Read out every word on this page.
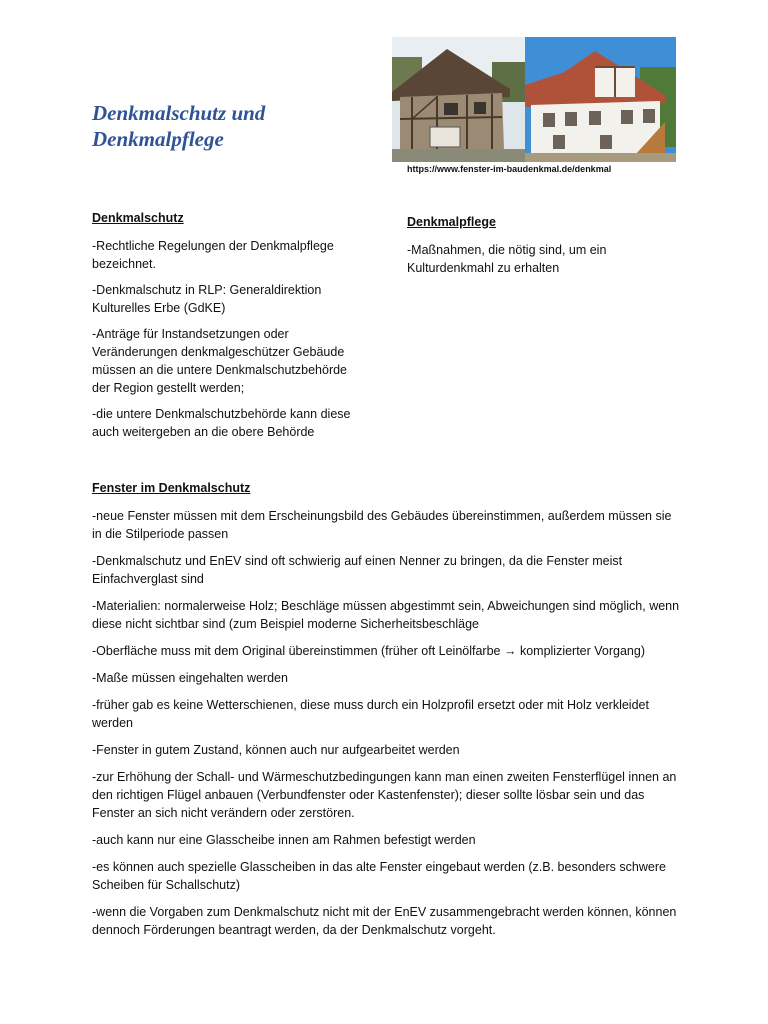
Denkmalschutz und
Denkmalpflege
https://www.fenster-im-baudenkmal.de/denkmal
Denkmalschutz

-Rechtliche Regelungen der Denkmalpflege bezeichnet.

-Denkmalschutz in RLP: Generaldirektion Kulturelles Erbe (GdKE)

-Anträge für Instandsetzungen oder Veränderungen denkmalgeschützer Gebäude müssen an die untere Denkmalschutzbehörde der Region gestellt werden;

-die untere Denkmalschutzbehörde kann diese auch weitergeben an die obere Behörde

Denkmalpflege

-Maßnahmen, die nötig sind, um ein Kulturdenkmahl zu erhalten

Fenster im Denkmalschutz

-neue Fenster müssen mit dem Erscheinungsbild des Gebäudes übereinstimmen, außerdem müssen sie in die Stilperiode passen

-Denkmalschutz und EnEV sind oft schwierig auf einen Nenner zu bringen, da die Fenster meist Einfachverglast sind

-Materialien: normalerweise Holz; Beschläge müssen abgestimmt sein, Abweichungen sind möglich, wenn diese nicht sichtbar sind (zum Beispiel moderne Sicherheitsbeschläge

-Oberfläche muss mit dem Original übereinstimmen (früher oft Leinölfarbe → komplizierter Vorgang)

-Maße müssen eingehalten werden

-früher gab es keine Wetterschienen, diese muss durch ein Holzprofil ersetzt oder mit Holz verkleidet werden

-Fenster in gutem Zustand, können auch nur aufgearbeitet werden

-zur Erhöhung der Schall- und Wärmeschutzbedingungen kann man einen zweiten Fensterflügel innen an den richtigen Flügel anbauen (Verbundfenster oder Kastenfenster); dieser sollte lösbar sein und das Fenster an sich nicht verändern oder zerstören.

-auch kann nur eine Glasscheibe innen am Rahmen befestigt werden

-es können auch spezielle Glasscheiben in das alte Fenster eingebaut werden (z.B. besonders schwere Scheiben für Schallschutz)

-wenn die Vorgaben zum Denkmalschutz nicht mit der EnEV zusammengebracht werden können, können dennoch Förderungen beantragt werden, da der Denkmalschutz vorgeht.
